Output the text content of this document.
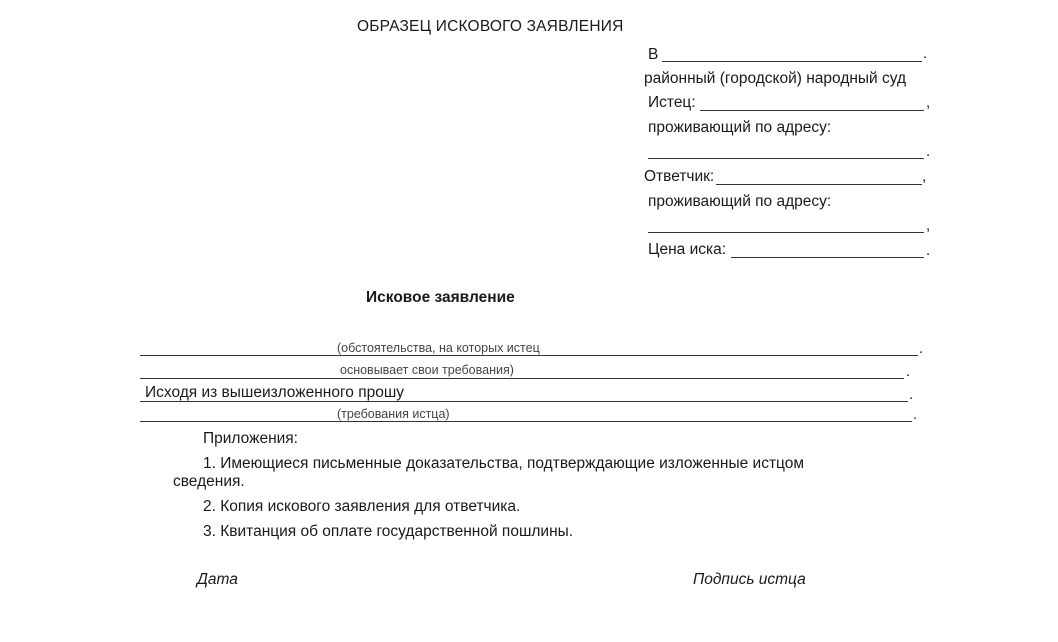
ОБРАЗЕЦ ИСКОВОГО ЗАЯВЛЕНИЯ
В	.
районный (городской) народный суд
Истец:	,
проживающий по адресу:
.
Ответчик:	,
проживающий по адресу:
,
Цена иска:	.
Исковое заявление
(обстоятельства, на которых истец	.
основывает свои требования)	.
Исходя из вышеизложенного прошу	.
(требования истца)	.
Приложения:
1. Имеющиеся письменные доказательства, подтверждающие изложенные истцом
сведения.
2. Копия искового заявления для ответчика.
3. Квитанция об оплате государственной пошлины.
Дата	Подпись истца
